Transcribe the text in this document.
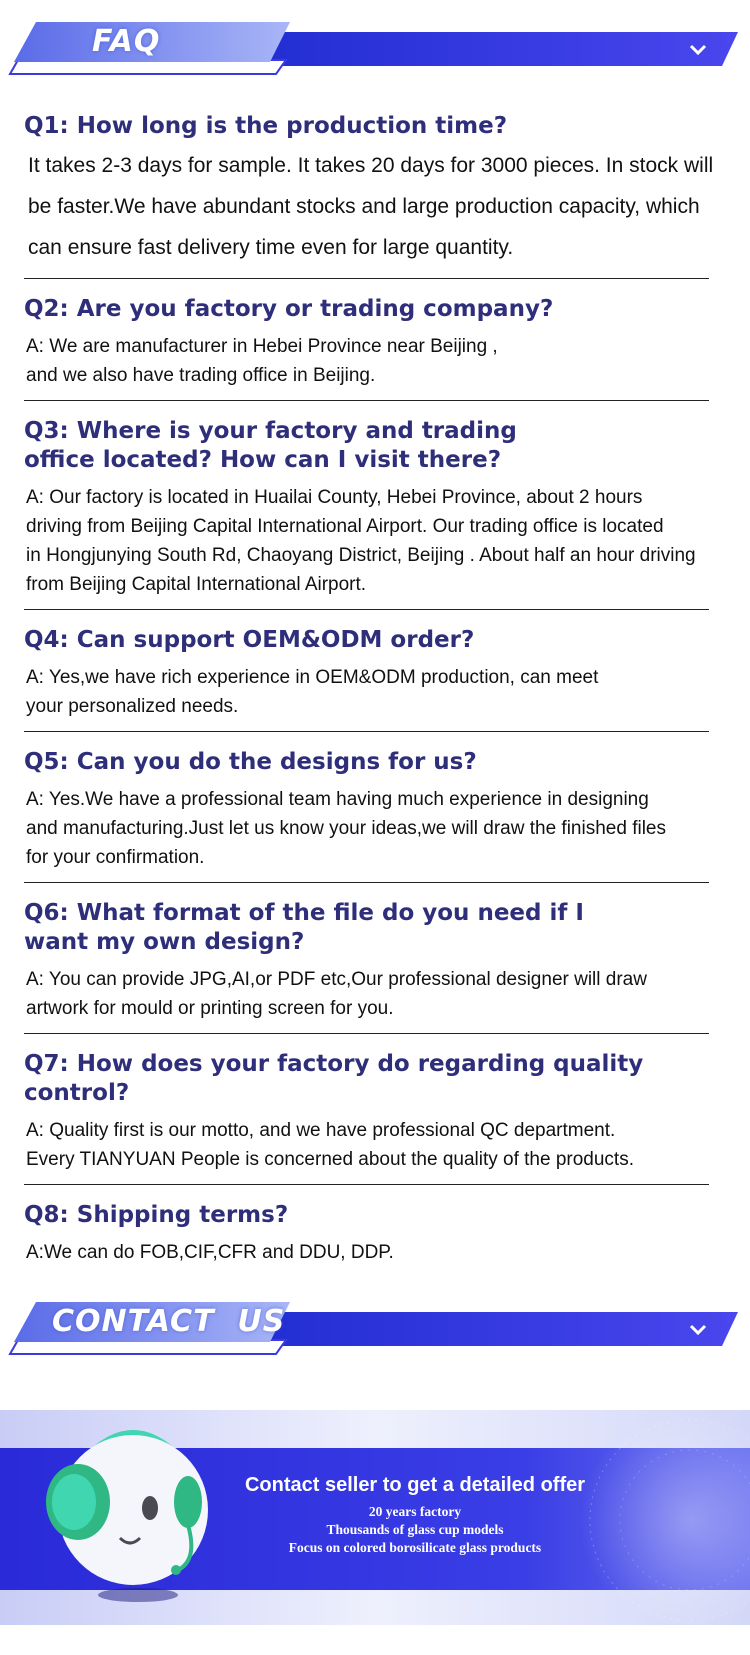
FAQ

Q1: How long is the production time?

It takes 2-3 days for sample. It takes 20 days for 3000 pieces. In stock will be faster.We have abundant stocks and large production capacity, which can ensure fast delivery time even for large quantity.

Q2: Are you factory or trading company?

A: We are manufacturer in Hebei Province near Beijing ,
and we also have trading office in Beijing.

Q3: Where is your factory and trading office located? How can I visit there?

A: Our factory is located in Huailai County, Hebei Province, about 2 hours
driving from Beijing Capital International Airport. Our trading office is located
in Hongjunying South Rd, Chaoyang District, Beijing . About half an hour driving
from Beijing Capital International Airport.

Q4: Can support OEM&ODM order?

A: Yes,we have rich experience in OEM&ODM production, can meet
your personalized needs.

Q5: Can you do the designs for us?

A: Yes.We have a professional team having much experience in designing
and manufacturing.Just let us know your ideas,we will draw the finished files
for your confirmation.

Q6: What format of the file do you need if I want my own design?

A: You can provide JPG,AI,or PDF etc,Our professional designer will draw
artwork for mould or printing screen for you.

Q7: How does your factory do regarding quality control?

A: Quality first is our motto, and we have professional QC department.
Every TIANYUAN People is concerned about the quality of the products.

Q8: Shipping terms?

A:We can do FOB,CIF,CFR and DDU, DDP.

CONTACT  US
Contact seller to get a detailed offer
20 years factory
Thousands of glass cup models
Focus on colored borosilicate glass products
